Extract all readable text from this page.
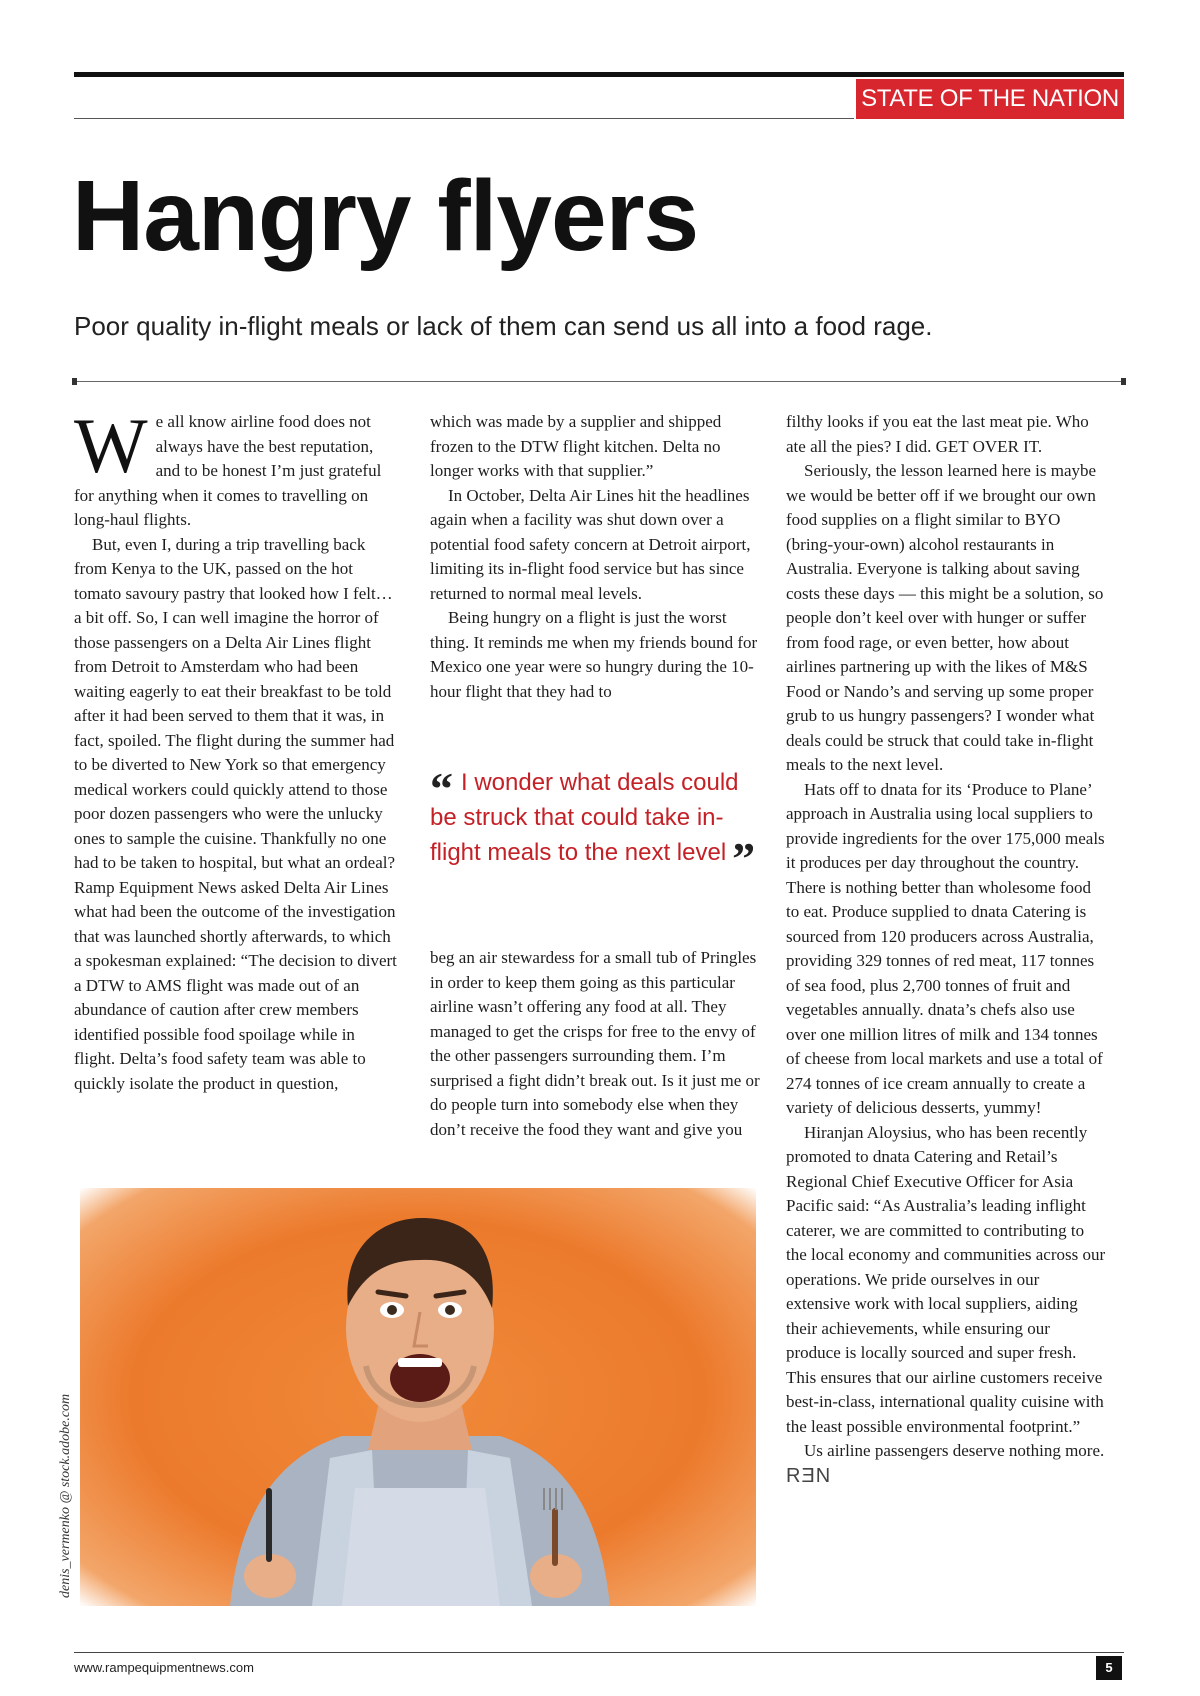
STATE OF THE NATION
Hangry flyers

Poor quality in-flight meals or lack of them can send us all into a food rage.

We all know airline food does not always have the best reputation, and to be honest I’m just grateful for anything when it comes to travelling on long-haul flights.

But, even I, during a trip travelling back from Kenya to the UK, passed on the hot tomato savoury pastry that looked how I felt…a bit off. So, I can well imagine the horror of those passengers on a Delta Air Lines flight from Detroit to Amsterdam who had been waiting eagerly to eat their breakfast to be told after it had been served to them that it was, in fact, spoiled. The flight during the summer had to be diverted to New York so that emergency medical workers could quickly attend to those poor dozen passengers who were the unlucky ones to sample the cuisine. Thankfully no one had to be taken to hospital, but what an ordeal? Ramp Equipment News asked Delta Air Lines what had been the outcome of the investigation that was launched shortly afterwards, to which a spokesman explained: “The decision to divert a DTW to AMS flight was made out of an abundance of caution after crew members identified possible food spoilage while in flight. Delta’s food safety team was able to quickly isolate the product in question,

which was made by a supplier and shipped frozen to the DTW flight kitchen. Delta no longer works with that supplier.”

In October, Delta Air Lines hit the headlines again when a facility was shut down over a potential food safety concern at Detroit airport, limiting its in-flight food service but has since returned to normal meal levels.

Being hungry on a flight is just the worst thing. It reminds me when my friends bound for Mexico one year were so hungry during the 10-hour flight that they had to

“ I wonder what deals could be struck that could take in-flight meals to the next level ”

beg an air stewardess for a small tub of Pringles in order to keep them going as this particular airline wasn’t offering any food at all. They managed to get the crisps for free to the envy of the other passengers surrounding them. I’m surprised a fight didn’t break out. Is it just me or do people turn into somebody else when they don’t receive the food they want and give you

filthy looks if you eat the last meat pie. Who ate all the pies? I did. GET OVER IT.

Seriously, the lesson learned here is maybe we would be better off if we brought our own food supplies on a flight similar to BYO (bring-your-own) alcohol restaurants in Australia. Everyone is talking about saving costs these days — this might be a solution, so people don’t keel over with hunger or suffer from food rage, or even better, how about airlines partnering up with the likes of M&S Food or Nando’s and serving up some proper grub to us hungry passengers? I wonder what deals could be struck that could take in-flight meals to the next level.

Hats off to dnata for its ‘Produce to Plane’ approach in Australia using local suppliers to provide ingredients for the over 175,000 meals it produces per day throughout the country. There is nothing better than wholesome food to eat. Produce supplied to dnata Catering is sourced from 120 producers across Australia, providing 329 tonnes of red meat, 117 tonnes of sea food, plus 2,700 tonnes of fruit and vegetables annually. dnata’s chefs also use over one million litres of milk and 134 tonnes of cheese from local markets and use a total of 274 tonnes of ice cream annually to create a variety of delicious desserts, yummy!

Hiranjan Aloysius, who has been recently promoted to dnata Catering and Retail’s Regional Chief Executive Officer for Asia Pacific said: “As Australia’s leading inflight caterer, we are committed to contributing to the local economy and communities across our operations. We pride ourselves in our extensive work with local suppliers, aiding their achievements, while ensuring our produce is locally sourced and super fresh. This ensures that our airline customers receive best-in-class, international quality cuisine with the least possible environmental footprint.”

Us airline passengers deserve nothing more. RƎN

denis_vermenko @ stock.adobe.com
www.rampequipmentnews.com	5
